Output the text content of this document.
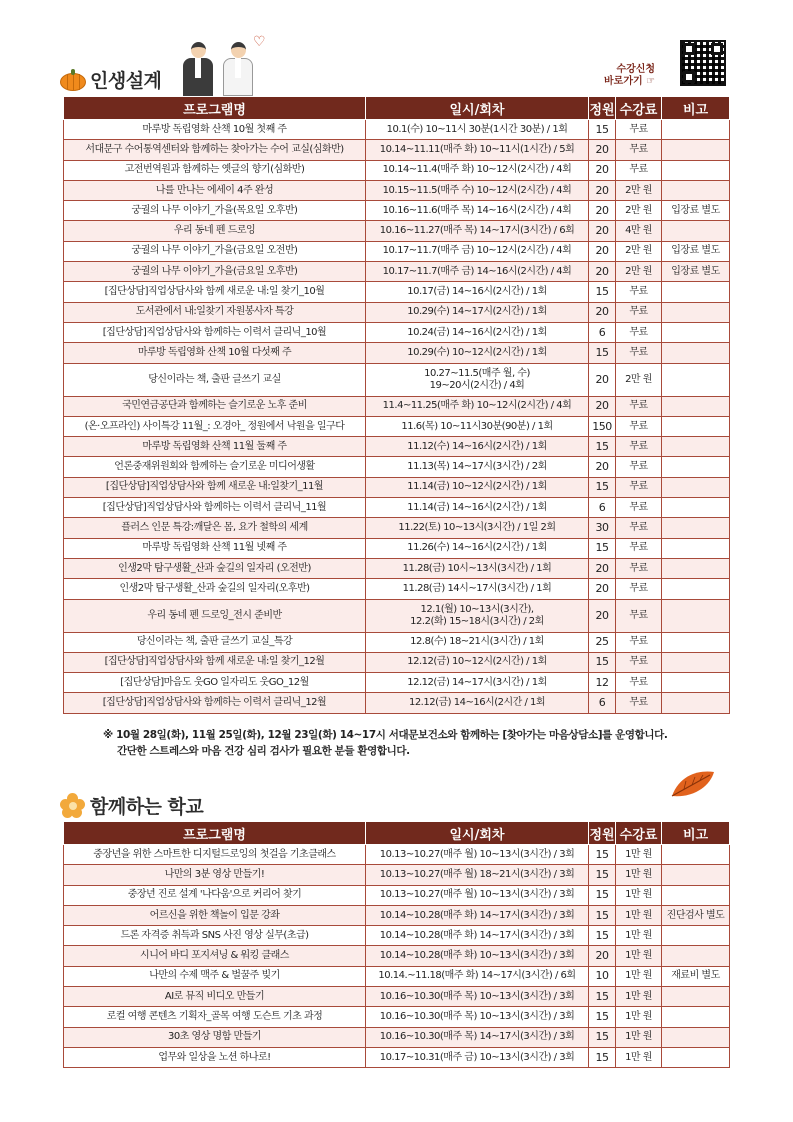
인생설계
♡
수강신청
바로가기 ☞
프로그램명	일시/회차	정원	수강료	비고
마루방 독립영화 산책 10월 첫째 주	10.1(수) 10~11시 30분(1시간 30분) / 1회	15	무료	
서대문구 수어통역센터와 함께하는 찾아가는 수어 교실(심화반)	10.14~11.11(매주 화) 10~11시(1시간) / 5회	20	무료	
고전번역원과 함께하는 옛글의 향기(심화반)	10.14~11.4(매주 화) 10~12시(2시간) / 4회	20	무료	
나를 만나는 에세이 4주 완성	10.15~11.5(매주 수) 10~12시(2시간) / 4회	20	2만 원	
궁궐의 나무 이야기_가을(목요일 오후반)	10.16~11.6(매주 목) 14~16시(2시간) / 4회	20	2만 원	입장료 별도
우리 동네 펜 드로잉	10.16~11.27(매주 목) 14~17시(3시간) / 6회	20	4만 원	
궁궐의 나무 이야기_가을(금요일 오전반)	10.17~11.7(매주 금) 10~12시(2시간) / 4회	20	2만 원	입장료 별도
궁궐의 나무 이야기_가을(금요일 오후반)	10.17~11.7(매주 금) 14~16시(2시간) / 4회	20	2만 원	입장료 별도
[집단상담]직업상담사와 함께 새로운 내:일 찾기_10월	10.17(금) 14~16시(2시간) / 1회	15	무료	
도서관에서 내:일찾기 자원봉사자 특강	10.29(수) 14~17시(2시간) / 1회	20	무료	
[집단상담]직업상담사와 함께하는 이력서 클리닉_10월	10.24(금) 14~16시(2시간) / 1회	6	무료	
마루방 독립영화 산책 10월 다섯째 주	10.29(수) 10~12시(2시간) / 1회	15	무료	
당신이라는 책, 출판 글쓰기 교실	10.27~11.5(매주 월, 수)
19~20시(2시간) / 4회	20	2만 원	
국민연금공단과 함께하는 슬기로운 노후 준비	11.4~11.25(매주 화) 10~12시(2시간) / 4회	20	무료	
(온·오프라인) 사이특강 11월_: 오경아_ 정원에서 낙원을 일구다	11.6(목) 10~11시30분(90분) / 1회	150	무료	
마루방 독립영화 산책 11월 둘째 주	11.12(수) 14~16시(2시간) / 1회	15	무료	
언론중재위원회와 함께하는 슬기로운 미디어생활	11.13(목) 14~17시(3시간) / 2회	20	무료	
[집단상담]직업상담사와 함께 새로운 내:일찾기_11월	11.14(금) 10~12시(2시간) / 1회	15	무료	
[집단상담]직업상담사와 함께하는 이력서 클리닉_11월	11.14(금) 14~16시(2시간) / 1회	6	무료	
플러스 인문 특강:깨달은 몸, 요가 철학의 세계	11.22(토) 10~13시(3시간) / 1일 2회	30	무료	
마루방 독립영화 산책 11월 넷째 주	11.26(수) 14~16시(2시간) / 1회	15	무료	
인생2막 탐구생활_산과 숲길의 일자리 (오전반)	11.28(금) 10시~13시(3시간) / 1회	20	무료	
인생2막 탐구생활_산과 숲길의 일자리(오후반)	11.28(금) 14시~17시(3시간) / 1회	20	무료	
우리 동네 펜 드로잉_전시 준비반	12.1(월) 10~13시(3시간),
12.2(화) 15~18시(3시간) / 2회	20	무료	
당신이라는 책, 출판 글쓰기 교실_특강	12.8(수) 18~21시(3시간) / 1회	25	무료	
[집단상담]직업상담사와 함께 새로운 내:일 찾기_12월	12.12(금) 10~12시(2시간) / 1회	15	무료	
[집단상담]마음도 웃GO 일자리도 웃GO_12월	12.12(금) 14~17시(3시간) / 1회	12	무료	
[집단상담]직업상담사와 함께하는 이력서 클리닉_12월	12.12(금) 14~16시(2시간 / 1회	6	무료	
※ 10월 28일(화), 11월 25일(화), 12월 23일(화) 14~17시 서대문보건소와 함께하는 [찾아가는 마음상담소]를 운영합니다.
간단한 스트레스와 마음 건강 심리 검사가 필요한 분들 환영합니다.
함께하는 학교
프로그램명	일시/회차	정원	수강료	비고
중장년을 위한 스마트한 디지털드로잉의 첫걸음 기초클래스	10.13~10.27(매주 월) 10~13시(3시간) / 3회	15	1만 원	
나만의 3분 영상 만들기!	10.13~10.27(매주 월) 18~21시(3시간) / 3회	15	1만 원	
중장년 진로 설계 '나다움'으로 커리어 찾기	10.13~10.27(매주 월) 10~13시(3시간) / 3회	15	1만 원	
어르신을 위한 책놀이 입문 강좌	10.14~10.28(매주 화) 14~17시(3시간) / 3회	15	1만 원	진단검사 별도
드론 자격증 취득과 SNS 사진 영상 실무(초급)	10.14~10.28(매주 화) 14~17시(3시간) / 3회	15	1만 원	
시니어 바디 포지셔닝 & 워킹 클래스	10.14~10.28(매주 화) 10~13시(3시간) / 3회	20	1만 원	
나만의 수제 맥주 & 벌꿀주 빚기	10.14.~11.18(매주 화) 14~17시(3시간) / 6회	10	1만 원	재료비 별도
AI로 뮤직 비디오 만들기	10.16~10.30(매주 목) 10~13시(3시간) / 3회	15	1만 원	
로컬 여행 콘텐츠 기획자_골목 여행 도슨트 기초 과정	10.16~10.30(매주 목) 10~13시(3시간) / 3회	15	1만 원	
30초 영상 명함 만들기	10.16~10.30(매주 목) 14~17시(3시간) / 3회	15	1만 원	
업무와 일상을 노션 하나로!	10.17~10.31(매주 금) 10~13시(3시간) / 3회	15	1만 원	
